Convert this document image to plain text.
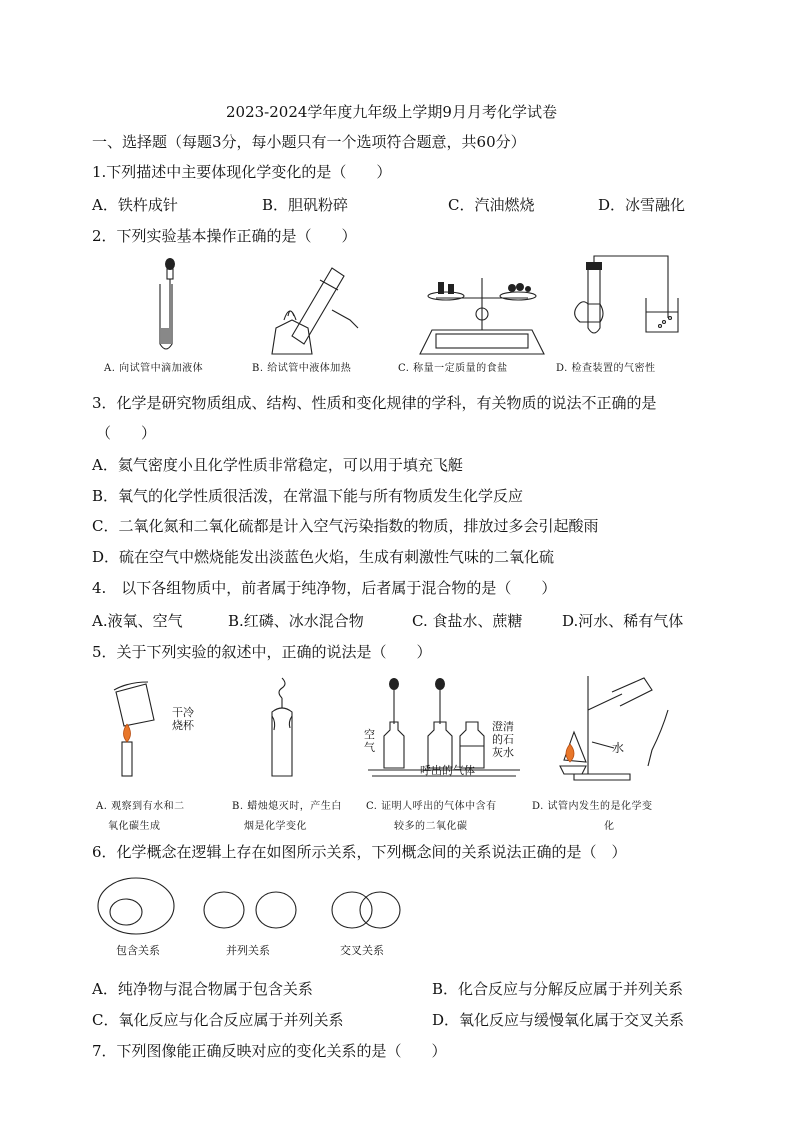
2023-2024学年度九年级上学期9月月考化学试卷
一、选择题（每题3分，每小题只有一个选项符合题意，共60分）
1.下列描述中主要体现化学变化的是（　　）
A．铁杵成针	B．胆矾粉碎	C．汽油燃烧	D．冰雪融化
2．下列实验基本操作正确的是（　　）
A. 向试管中滴加液体	B. 给试管中液体加热	C. 称量一定质量的食盐	D. 检查装置的气密性
3．化学是研究物质组成、结构、性质和变化规律的学科，有关物质的说法不正确的是
（　　）
A．氦气密度小且化学性质非常稳定，可以用于填充飞艇
B．氧气的化学性质很活泼，在常温下能与所有物质发生化学反应
C．二氧化氮和二氧化硫都是计入空气污染指数的物质，排放过多会引起酸雨
D．硫在空气中燃烧能发出淡蓝色火焰，生成有刺激性气味的二氧化硫
4.　以下各组物质中，前者属于纯净物，后者属于混合物的是（　　）
A.液氧、空气	B.红磷、冰水混合物	C. 食盐水、蔗糖	D.河水、稀有气体
5．关于下列实验的叙述中，正确的说法是（　　）
干冷
烧杯
空
气
呼出的气体
澄清
的石
灰水	水
A. 观察到有水和二
氧化碳生成
B. 蜡烛熄灭时，产生白
烟是化学变化
C. 证明人呼出的气体中含有
较多的二氧化碳
D. 试管内发生的是化学变
化
6．化学概念在逻辑上存在如图所示关系，下列概念间的关系说法正确的是（　）
包含关系	并列关系	交叉关系
A．纯净物与混合物属于包含关系	B．化合反应与分解反应属于并列关系
C．氧化反应与化合反应属于并列关系	D．氧化反应与缓慢氧化属于交叉关系
7．下列图像能正确反映对应的变化关系的是（　　）
